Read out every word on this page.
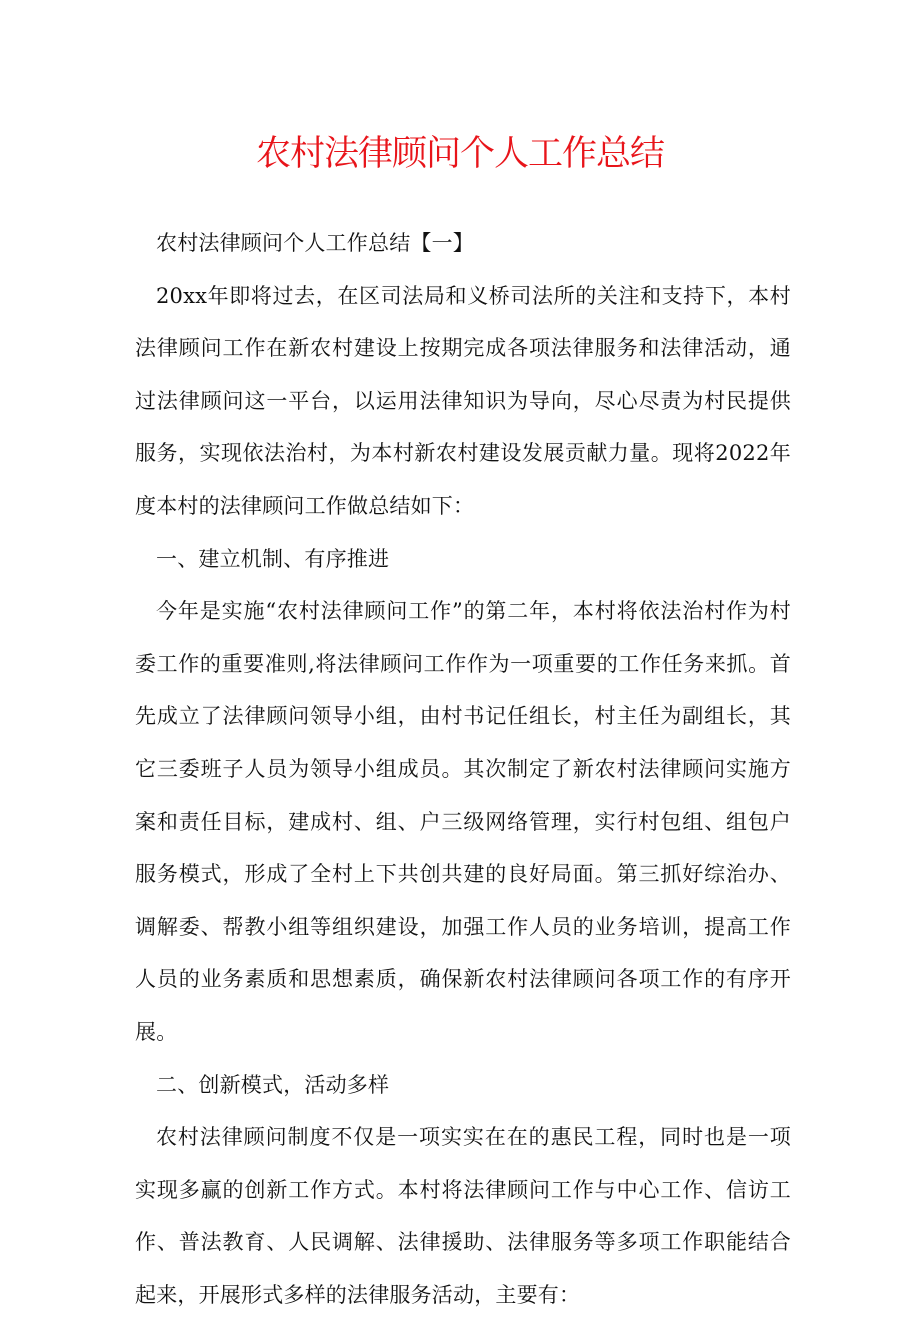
农村法律顾问个人工作总结

农村法律顾问个人工作总结【一】

20xx年即将过去，在区司法局和义桥司法所的关注和支持下，本村法律顾问工作在新农村建设上按期完成各项法律服务和法律活动，通过法律顾问这一平台，以运用法律知识为导向，尽心尽责为村民提供服务，实现依法治村，为本村新农村建设发展贡献力量。现将2022年度本村的法律顾问工作做总结如下：

一、建立机制、有序推进

今年是实施“农村法律顾问工作”的第二年，本村将依法治村作为村委工作的重要准则,将法律顾问工作作为一项重要的工作任务来抓。首先成立了法律顾问领导小组，由村书记任组长，村主任为副组长，其它三委班子人员为领导小组成员。其次制定了新农村法律顾问实施方案和责任目标，建成村、组、户三级网络管理，实行村包组、组包户服务模式，形成了全村上下共创共建的良好局面。第三抓好综治办、调解委、帮教小组等组织建设，加强工作人员的业务培训，提高工作人员的业务素质和思想素质，确保新农村法律顾问各项工作的有序开展。

二、创新模式，活动多样

农村法律顾问制度不仅是一项实实在在的惠民工程，同时也是一项实现多赢的创新工作方式。本村将法律顾问工作与中心工作、信访工作、普法教育、人民调解、法律援助、法律服务等多项工作职能结合起来，开展形式多样的法律服务活动，主要有：
